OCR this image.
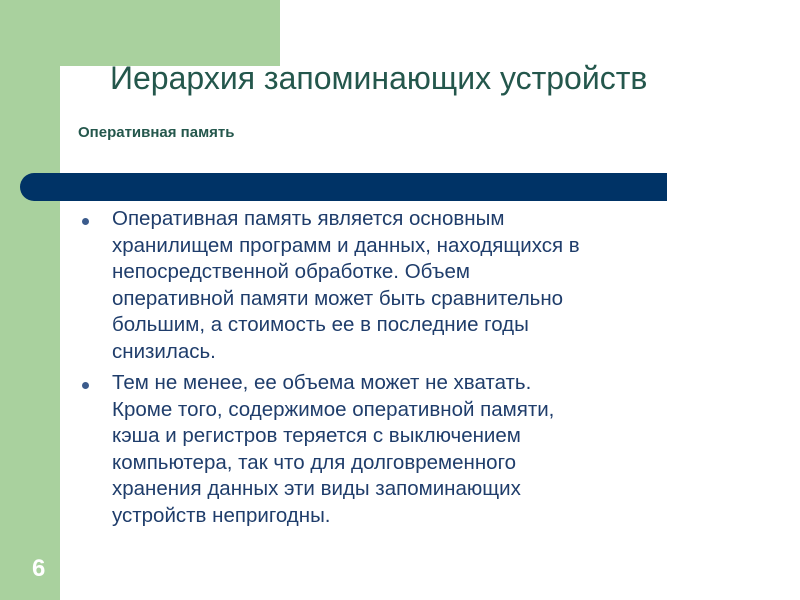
Иерархия запоминающих устройств
Оперативная память
Оперативная память является основным
хранилищем программ и данных, находящихся в
непосредственной обработке. Объем
оперативной памяти может быть сравнительно
большим, а стоимость ее в последние годы
снизилась.
Тем не менее, ее объема может не хватать.
Кроме того, содержимое оперативной памяти,
кэша и регистров теряется с выключением
компьютера, так что для долговременного
хранения данных эти виды запоминающих
устройств непригодны.
6
